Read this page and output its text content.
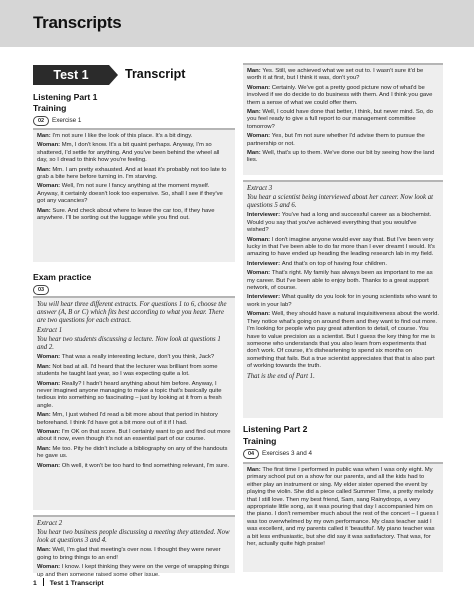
Transcripts
Test 1	Transcript
Listening Part 1
Training
02	Exercise 1

Man: I'm not sure I like the look of this place. It's a bit dingy.

Woman: Mm, I don't know. It's a bit quaint perhaps. Anyway, I'm so shattered, I'd settle for anything. And you've been behind the wheel all day, so I dread to think how you're feeling.

Man: Mm. I am pretty exhausted. And at least it's probably not too late to grab a bite here before turning in. I'm starving.

Woman: Well, I'm not sure I fancy anything at the moment myself. Anyway, it certainly doesn't look too expensive. So, shall I see if they've got any vacancies?

Man: Sure. And check about where to leave the car too, if they have anywhere. I'll be sorting out the luggage while you find out.

Exam practice
03

You will hear three different extracts. For questions 1 to 6, choose the answer (A, B or C) which fits best according to what you hear. There are two questions for each extract.

Extract 1

You hear two students discussing a lecture. Now look at questions 1 and 2.

Woman: That was a really interesting lecture, don't you think, Jack?

Man: Not bad at all. I'd heard that the lecturer was brilliant from some students he taught last year, so I was expecting quite a lot.

Woman: Really? I hadn't heard anything about him before. Anyway, I never imagined anyone managing to make a topic that's basically quite tedious into something so fascinating – just by looking at it from a fresh angle.

Man: Mm, I just wished I'd read a bit more about that period in history beforehand. I think I'd have got a bit more out of it if I had.

Woman: I'm OK on that score. But I certainly want to go and find out more about it now, even though it's not an essential part of our course.

Man: Me too. Pity he didn't include a bibliography on any of the handouts he gave us.

Woman: Oh well, it won't be too hard to find something relevant, I'm sure.

Extract 2

You hear two business people discussing a meeting they attended. Now look at questions 3 and 4.

Man: Well, I'm glad that meeting's over now. I thought they were never going to bring things to an end!

Woman: I know. I kept thinking they were on the verge of wrapping things up and then someone raised some other issue.

Man: Yes. Still, we achieved what we set out to. I wasn't sure it'd be worth it at first, but I think it was, don't you?

Woman: Certainly. We've got a pretty good picture now of what'd be involved if we do decide to do business with them. And I think you gave them a sense of what we could offer them.

Man: Well, I could have done that better, I think, but never mind. So, do you feel ready to give a full report to our management committee tomorrow?

Woman: Yes, but I'm not sure whether I'd advise them to pursue the partnership or not.

Man: Well, that's up to them. We've done our bit by seeing how the land lies.

Extract 3

You hear a scientist being interviewed about her career. Now look at questions 5 and 6.

Interviewer: You've had a long and successful career as a biochemist. Would you say that you've achieved everything that you would've wished?

Woman: I don't imagine anyone would ever say that. But I've been very lucky in that I've been able to do far more than I ever dreamt I would. It's amazing to have ended up heading the leading research lab in my field.

Interviewer: And that's on top of having four children.

Woman: That's right. My family has always been as important to me as my career. But I've been able to enjoy both. Thanks to a great support network, of course.

Interviewer: What quality do you look for in young scientists who want to work in your lab?

Woman: Well, they should have a natural inquisitiveness about the world. They notice what's going on around them and they want to find out more. I'm looking for people who pay great attention to detail, of course. You have to value precision as a scientist. But I guess the key thing for me is someone who understands that you also learn from experiments that don't work. Of course, it's disheartening to spend six months on something that fails. But a true scientist appreciates that that is also part of working towards the truth.

That is the end of Part 1.

Listening Part 2
Training
04	Exercises 3 and 4

Man: The first time I performed in public was when I was only eight. My primary school put on a show for our parents, and all the kids had to either play an instrument or sing. My elder sister opened the event by playing the violin. She did a piece called Summer Time, a pretty melody that I still love. Then my best friend, Sam, sang Rainydrops, a very appropriate little song, as it was pouring that day I accompanied him on the piano. I don't remember much about the rest of the concert – I guess I was too overwhelmed by my own performance. My class teacher said I was excellent, and my parents called it 'beautiful'. My piano teacher was a bit less enthusiastic, but she did say it was satisfactory. That was, for her, actually quite high praise!

1 Test 1 Transcript
